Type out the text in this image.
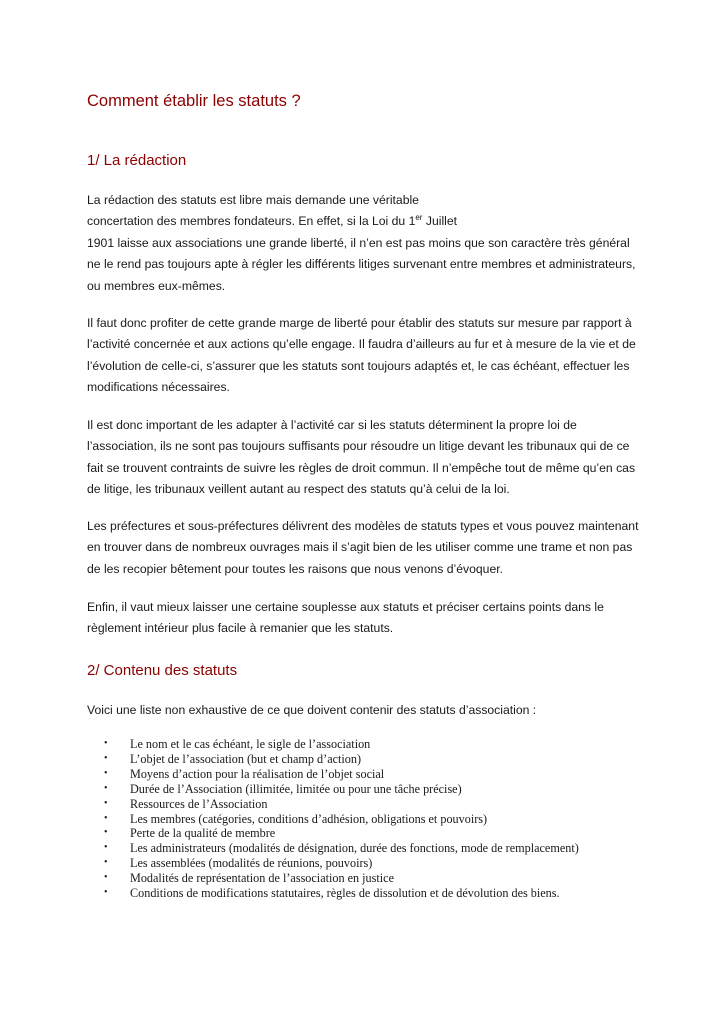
Comment établir les statuts ?
1/ La rédaction

La rédaction des statuts est libre mais demande une véritable
concertation des membres fondateurs. En effet, si la Loi du 1er Juillet
1901 laisse aux associations une grande liberté, il n’en est pas moins que son caractère très général
ne le rend pas toujours apte à régler les différents litiges survenant entre membres et administrateurs,
ou membres eux-mêmes.

Il faut donc profiter de cette grande marge de liberté pour établir des statuts sur mesure par rapport à
l’activité concernée et aux actions qu’elle engage. Il faudra d’ailleurs au fur et à mesure de la vie et de
l’évolution de celle-ci, s’assurer que les statuts sont toujours adaptés et, le cas échéant, effectuer les
modifications nécessaires.

Il est donc important de les adapter à l’activité car si les statuts déterminent la propre loi de
l’association, ils ne sont pas toujours suffisants pour résoudre un litige devant les tribunaux qui de ce
fait se trouvent contraints de suivre les règles de droit commun. Il n’empêche tout de même qu’en cas
de litige, les tribunaux veillent autant au respect des statuts qu’à celui de la loi.

Les préfectures et sous-préfectures délivrent des modèles de statuts types et vous pouvez maintenant
en trouver dans de nombreux ouvrages mais il s’agit bien de les utiliser comme une trame et non pas
de les recopier bêtement pour toutes les raisons que nous venons d’évoquer.

Enfin, il vaut mieux laisser une certaine souplesse aux statuts et préciser certains points dans le
règlement intérieur plus facile à remanier que les statuts.

2/ Contenu des statuts

Voici une liste non exhaustive de ce que doivent contenir des statuts d’association :

• Le nom et le cas échéant, le sigle de l’association
• L’objet de l’association (but et champ d’action)
• Moyens d’action pour la réalisation de l’objet social
• Durée de l’Association (illimitée, limitée ou pour une tâche précise)
• Ressources de l’Association
• Les membres (catégories, conditions d’adhésion, obligations et pouvoirs)
• Perte de la qualité de membre
• Les administrateurs (modalités de désignation, durée des fonctions, mode de remplacement)
• Les assemblées (modalités de réunions, pouvoirs)
• Modalités de représentation de l’association en justice
• Conditions de modifications statutaires, règles de dissolution et de dévolution des biens.
